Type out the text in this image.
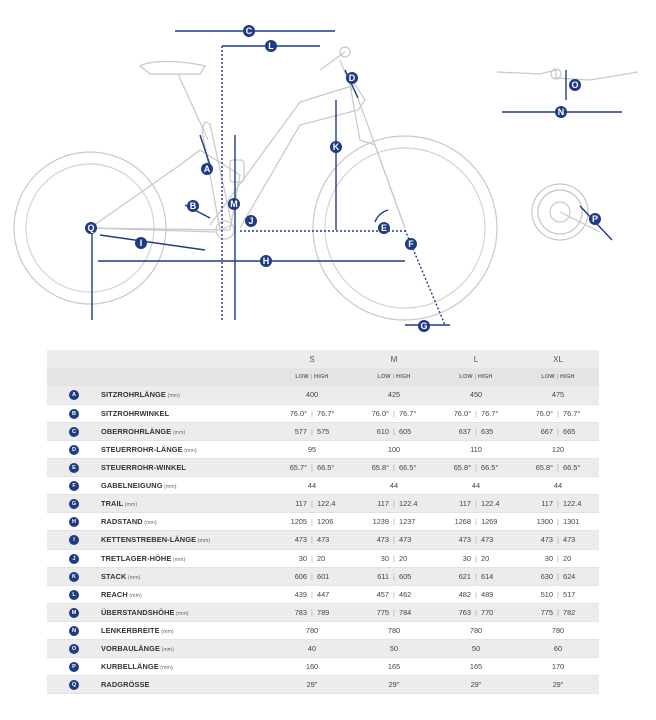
C
L
D
K
A
B	M
J
E
F
Q
I
H
G
O
N
P
		S	M	L	XL
		LOW | HIGH	LOW | HIGH	LOW | HIGH	LOW | HIGH
A	SITZROHRLÄNGE (mm)	400	425	450	475
B	SITZROHRWINKEL	76.0° | 76.7°	76.0° | 76.7°	76.0° | 76.7°	76.0° | 76.7°
C	OBERROHRLÄNGE (mm)	577 | 575	610 | 605	637 | 635	667 | 665
D	STEUERROHR-LÄNGE (mm)	95	100	110	120
E	STEUERROHR-WINKEL	65.7° | 66.5°	65.8° | 66.5°	65.8° | 66.5°	65.8° | 66.5°
F	GABELNEIGUNG (mm)	44	44	44	44
G	TRAIL (mm)	117 | 122.4	117 | 122.4	117 | 122.4	117 | 122.4
H	RADSTAND (mm)	1205 | 1206	1239 | 1237	1268 | 1269	1300 | 1301
I	KETTENSTREBEN-LÄNGE (mm)	473 | 473	473 | 473	473 | 473	473 | 473
J	TRETLAGER-HÖHE (mm)	30 | 20	30 | 20	30 | 20	30 | 20
K	STACK (mm)	606 | 601	611 | 605	621 | 614	630 | 624
L	REACH (mm)	439 | 447	457 | 462	482 | 489	510 | 517
M	ÜBERSTANDSHÖHE (mm)	783 | 789	775 | 784	763 | 770	775 | 782
N	LENKERBREITE (mm)	780	780	780	780
O	VORBAULÄNGE (mm)	40	50	50	60
P	KURBELLÄNGE (mm)	160	165	165	170
Q	RADGRÖSSE	29"	29"	29"	29"
